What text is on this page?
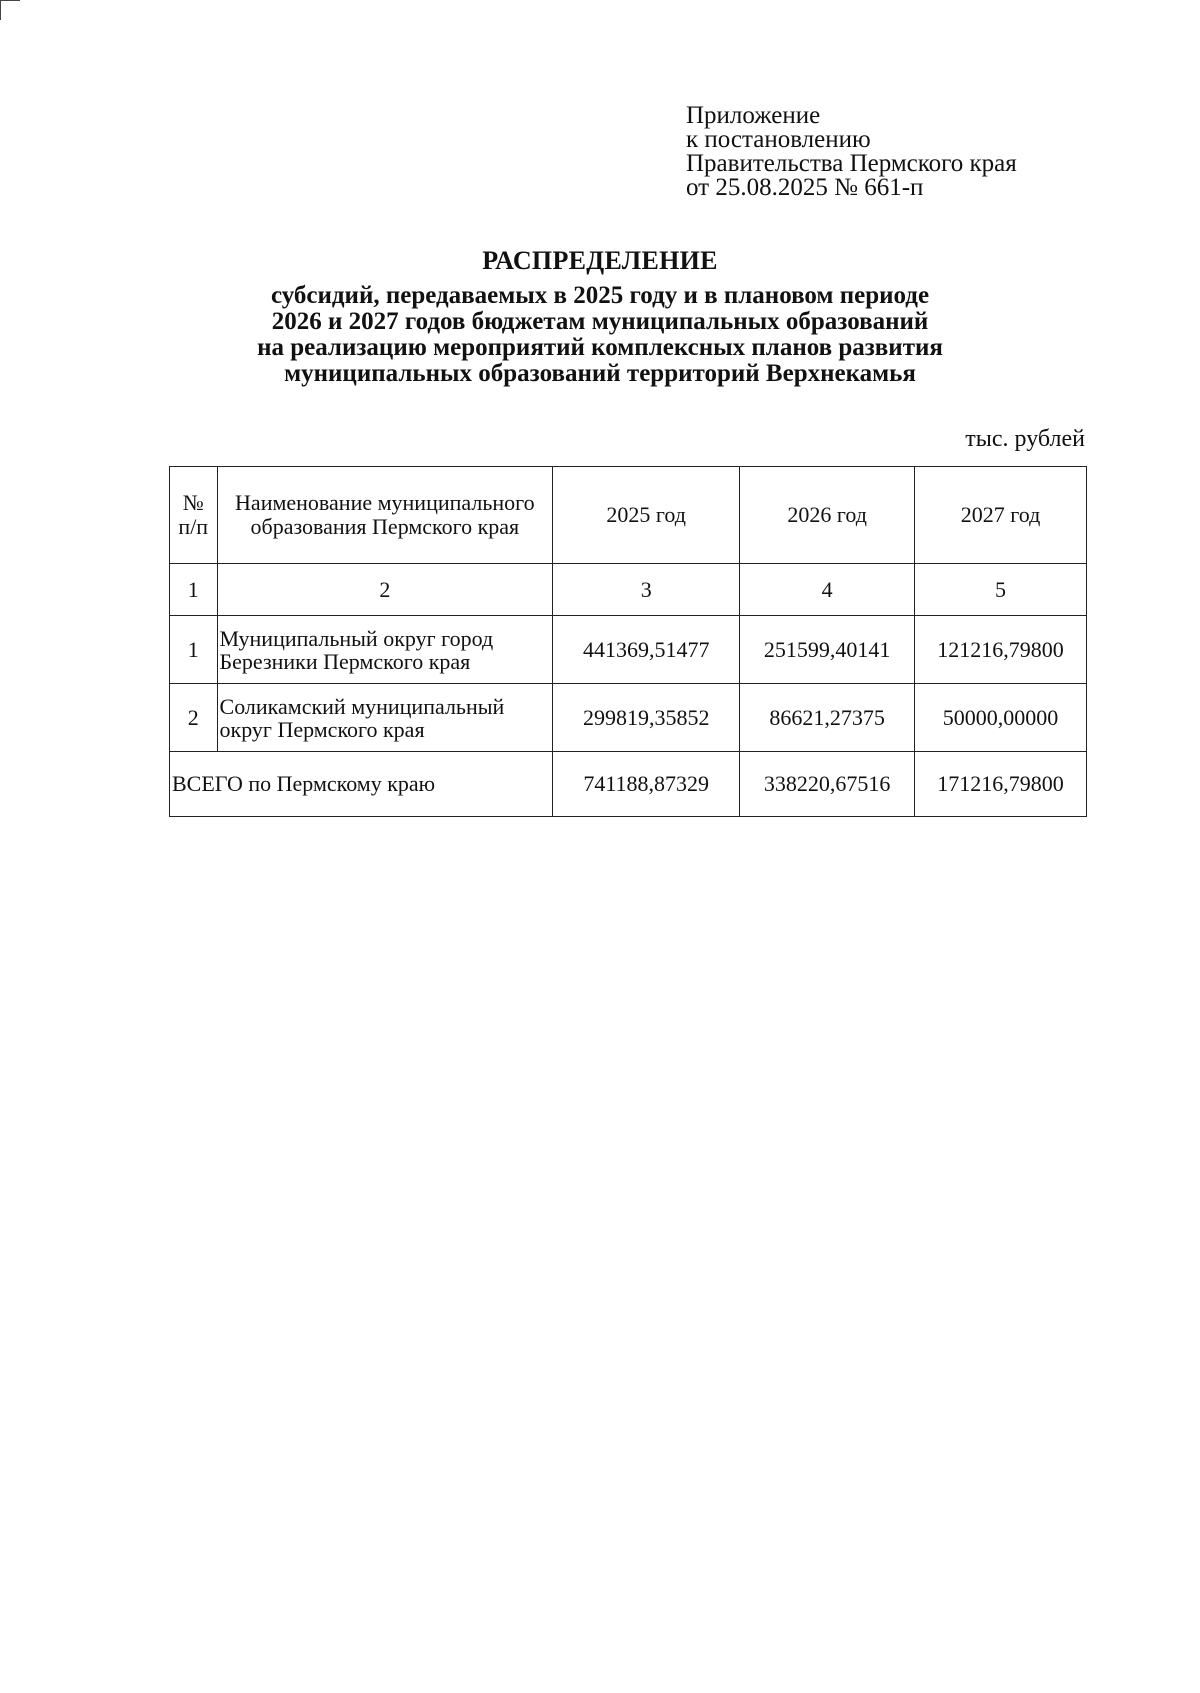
Приложение
к постановлению
Правительства Пермского края
от 25.08.2025 № 661-п
РАСПРЕДЕЛЕНИЕ
субсидий, передаваемых в 2025 году и в плановом периоде
2026 и 2027 годов бюджетам муниципальных образований
на реализацию мероприятий комплексных планов развития
муниципальных образований территорий Верхнекамья
тыс. рублей
№ п/п	Наименование муниципального образования Пермского края	2025 год	2026 год	2027 год
1	2	3	4	5
1	Муниципальный округ город Березники Пермского края	441369,51477	251599,40141	121216,79800
2	Соликамский муниципальный округ Пермского края	299819,35852	86621,27375	50000,00000
ВСЕГО по Пермскому краю		741188,87329	338220,67516	171216,79800
